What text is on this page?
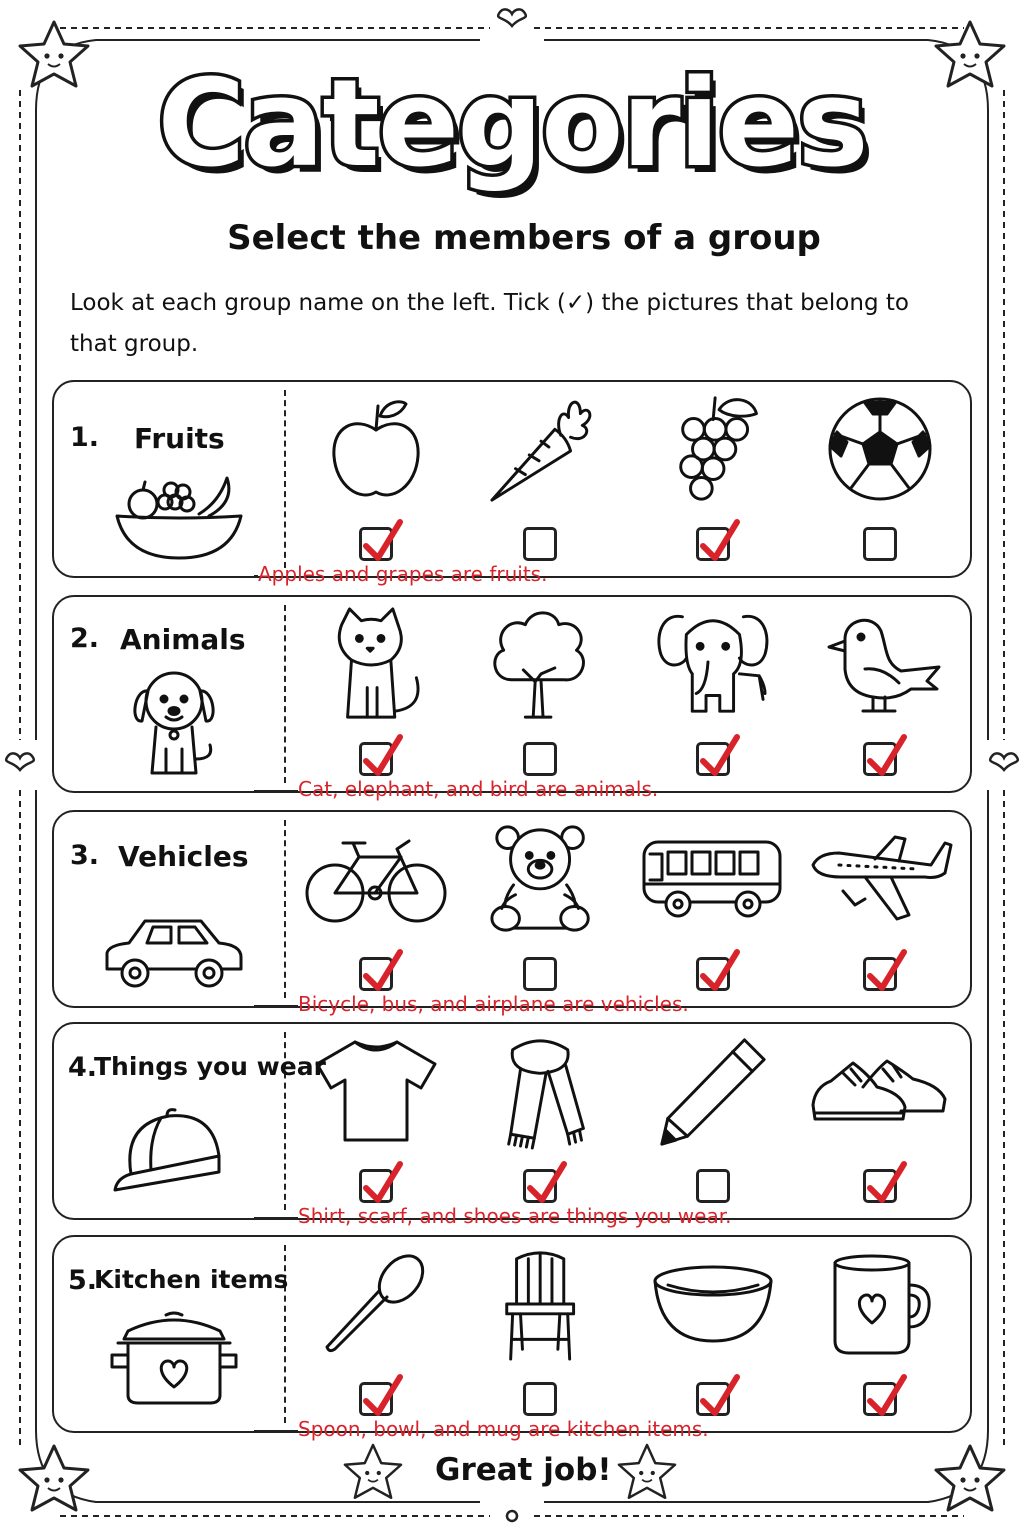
Categories
Select the members of a group
Look at each group name on the left. Tick (✓) the pictures that belong to that group.
1. Fruits
Apples and grapes are fruits.
2. Animals
Cat, elephant, and bird are animals.
3. Vehicles
Bicycle, bus, and airplane are vehicles.
4.
Things you wear
Shirt, scarf, and shoes are things you wear.
5.
Kitchen items
Spoon, bowl, and mug are kitchen items.
Great job!
